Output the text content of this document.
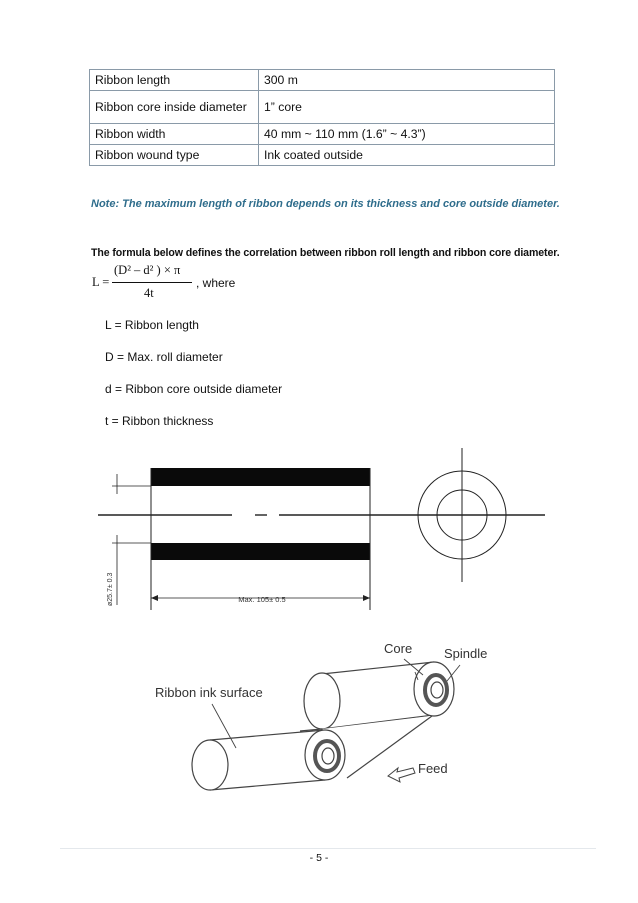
Ribbon length	300 m
Ribbon core inside diameter	1” core
Ribbon width	40 mm ~ 110 mm (1.6” ~ 4.3”)
Ribbon wound type	Ink coated outside
Note: The maximum length of ribbon depends on its thickness and core outside diameter.
The formula below defines the correlation between ribbon roll length and ribbon core diameter.
L =
(D² – d² ) × π
4t
, where
L = Ribbon length
D = Max. roll diameter
d = Ribbon core outside diameter
t = Ribbon thickness
Max. 105± 0.5
ø25.7± 0.3
Core Spindle
Ribbon ink surface
Feed
- 5 -
